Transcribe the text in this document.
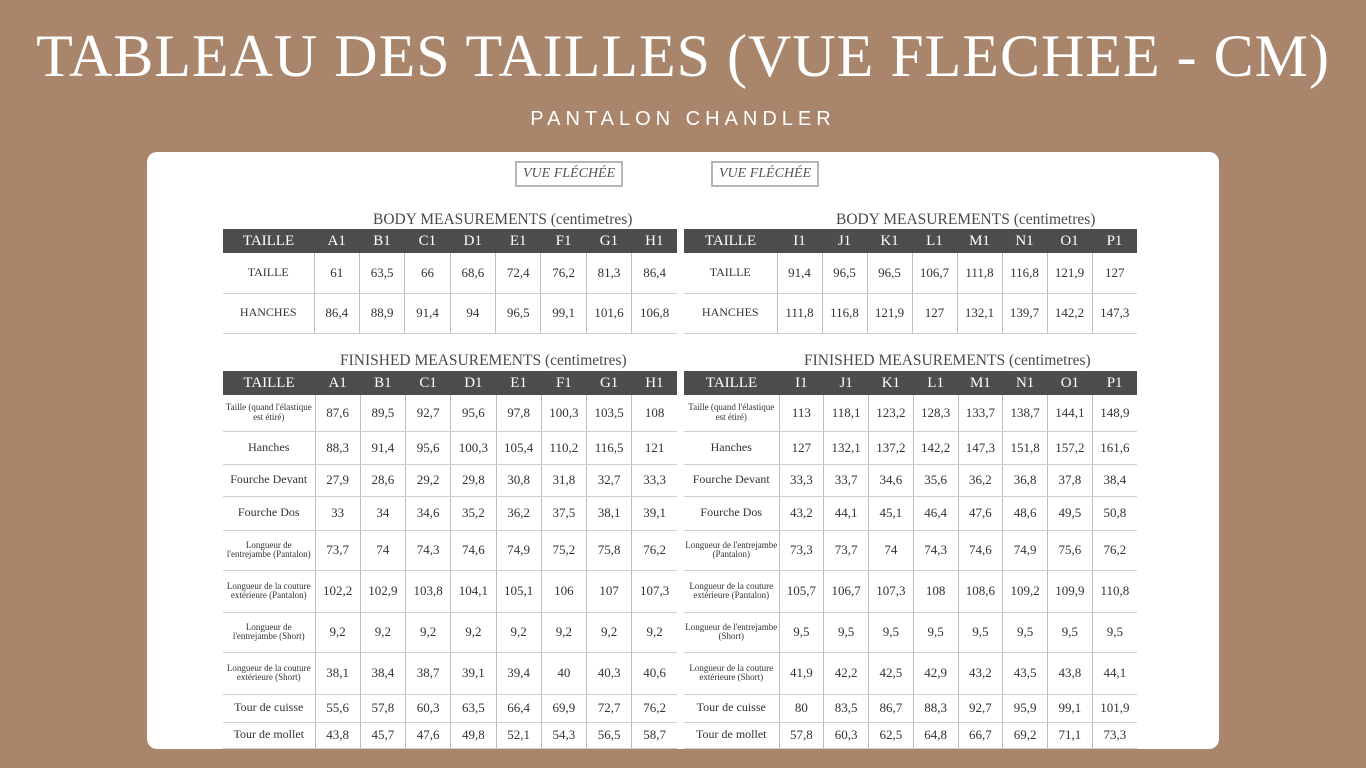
TABLEAU DES TAILLES (VUE FLECHEE - CM)
PANTALON CHANDLER
VUE FLÉCHÉE	VUE FLÉCHÉE
BODY MEASUREMENTS (centimetres)	BODY MEASUREMENTS (centimetres)
TAILLE	A1	B1	C1	D1	E1	F1	G1	H1
TAILLE	61	63,5	66	68,6	72,4	76,2	81,3	86,4
HANCHES	86,4	88,9	91,4	94	96,5	99,1	101,6	106,8
TAILLE	I1	J1	K1	L1	M1	N1	O1	P1
TAILLE	91,4	96,5	96,5	106,7	111,8	116,8	121,9	127
HANCHES	111,8	116,8	121,9	127	132,1	139,7	142,2	147,3
FINISHED MEASUREMENTS (centimetres)	FINISHED MEASUREMENTS (centimetres)
TAILLE	A1	B1	C1	D1	E1	F1	G1	H1
Taille (quand l'élastique est étiré)	87,6	89,5	92,7	95,6	97,8	100,3	103,5	108
Hanches	88,3	91,4	95,6	100,3	105,4	110,2	116,5	121
Fourche Devant	27,9	28,6	29,2	29,8	30,8	31,8	32,7	33,3
Fourche Dos	33	34	34,6	35,2	36,2	37,5	38,1	39,1
Longueur de l'entrejambe (Pantalon)	73,7	74	74,3	74,6	74,9	75,2	75,8	76,2
Longueur de la couture extérieure (Pantalon)	102,2	102,9	103,8	104,1	105,1	106	107	107,3
Longueur de l'entrejambe (Short)	9,2	9,2	9,2	9,2	9,2	9,2	9,2	9,2
Longueur de la couture extérieure (Short)	38,1	38,4	38,7	39,1	39,4	40	40,3	40,6
Tour de cuisse	55,6	57,8	60,3	63,5	66,4	69,9	72,7	76,2
Tour de mollet	43,8	45,7	47,6	49,8	52,1	54,3	56,5	58,7
TAILLE	I1	J1	K1	L1	M1	N1	O1	P1
Taille (quand l'élastique est étiré)	113	118,1	123,2	128,3	133,7	138,7	144,1	148,9
Hanches	127	132,1	137,2	142,2	147,3	151,8	157,2	161,6
Fourche Devant	33,3	33,7	34,6	35,6	36,2	36,8	37,8	38,4
Fourche Dos	43,2	44,1	45,1	46,4	47,6	48,6	49,5	50,8
Longueur de l'entrejambe (Pantalon)	73,3	73,7	74	74,3	74,6	74,9	75,6	76,2
Longueur de la couture extérieure (Pantalon)	105,7	106,7	107,3	108	108,6	109,2	109,9	110,8
Longueur de l'entrejambe (Short)	9,5	9,5	9,5	9,5	9,5	9,5	9,5	9,5
Longueur de la couture extérieure (Short)	41,9	42,2	42,5	42,9	43,2	43,5	43,8	44,1
Tour de cuisse	80	83,5	86,7	88,3	92,7	95,9	99,1	101,9
Tour de mollet	57,8	60,3	62,5	64,8	66,7	69,2	71,1	73,3
